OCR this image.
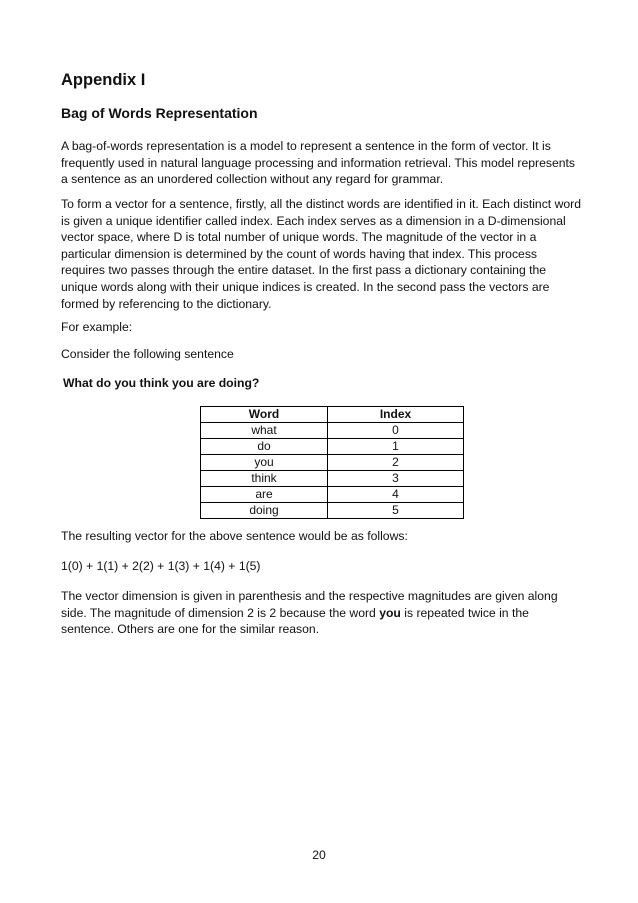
Appendix I
Bag of Words Representation

A bag-of-words representation is a model to represent a sentence in the form of vector. It is frequently used in natural language processing and information retrieval. This model represents a sentence as an unordered collection without any regard for grammar.

To form a vector for a sentence, firstly, all the distinct words are identified in it. Each distinct word is given a unique identifier called index. Each index serves as a dimension in a D-dimensional vector space, where D is total number of unique words. The magnitude of the vector in a particular dimension is determined by the count of words having that index. This process requires two passes through the entire dataset. In the first pass a dictionary containing the unique words along with their unique indices is created. In the second pass the vectors are formed by referencing to the dictionary.

For example:

Consider the following sentence

What do you think you are doing?

Word	Index
what	0
do	1
you	2
think	3
are	4
doing	5

The resulting vector for the above sentence would be as follows:

1(0) + 1(1) + 2(2) + 1(3) + 1(4) + 1(5)

The vector dimension is given in parenthesis and the respective magnitudes are given along side. The magnitude of dimension 2 is 2 because the word you is repeated twice in the sentence. Others are one for the similar reason.

20
